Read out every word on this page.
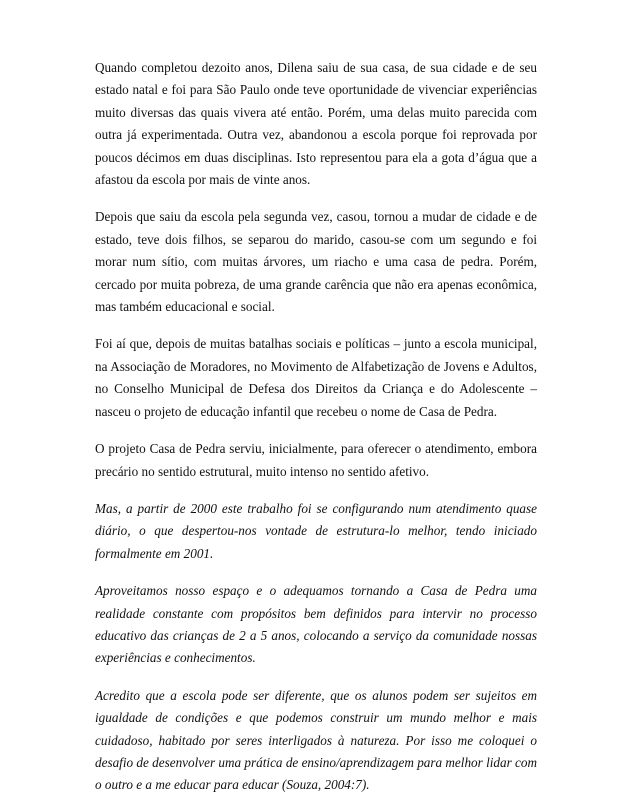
Quando completou dezoito anos, Dilena saiu de sua casa, de sua cidade e de seu estado natal e foi para São Paulo onde teve oportunidade de vivenciar experiências muito diversas das quais vivera até então. Porém, uma delas muito parecida com outra já experimentada. Outra vez, abandonou a escola porque foi reprovada por poucos décimos em duas disciplinas. Isto representou para ela a gota d’água que a afastou da escola por mais de vinte anos.

Depois que saiu da escola pela segunda vez, casou, tornou a mudar de cidade e de estado, teve dois filhos, se separou do marido, casou-se com um segundo e foi morar num sítio, com muitas árvores, um riacho e uma casa de pedra. Porém, cercado por muita pobreza, de uma grande carência que não era apenas econômica, mas também educacional e social.

Foi aí que, depois de muitas batalhas sociais e políticas – junto a escola municipal, na Associação de Moradores, no Movimento de Alfabetização de Jovens e Adultos, no Conselho Municipal de Defesa dos Direitos da Criança e do Adolescente – nasceu o projeto de educação infantil que recebeu o nome de Casa de Pedra.

O projeto Casa de Pedra serviu, inicialmente, para oferecer o atendimento, embora precário no sentido estrutural, muito intenso no sentido afetivo.

Mas, a partir de 2000 este trabalho foi se configurando num atendimento quase diário, o que despertou-nos vontade de estrutura-lo melhor, tendo iniciado formalmente em 2001.

Aproveitamos nosso espaço e o adequamos tornando a Casa de Pedra uma realidade constante com propósitos bem definidos para intervir no processo educativo das crianças de 2 a 5 anos, colocando a serviço da comunidade nossas experiências e conhecimentos.

Acredito que a escola pode ser diferente, que os alunos podem ser sujeitos em igualdade de condições e que podemos construir um mundo melhor e mais cuidadoso, habitado por seres interligados à natureza. Por isso me coloquei o desafio de desenvolver uma prática de ensino/aprendizagem para melhor lidar com o outro e a me educar para educar (Souza, 2004:7).
